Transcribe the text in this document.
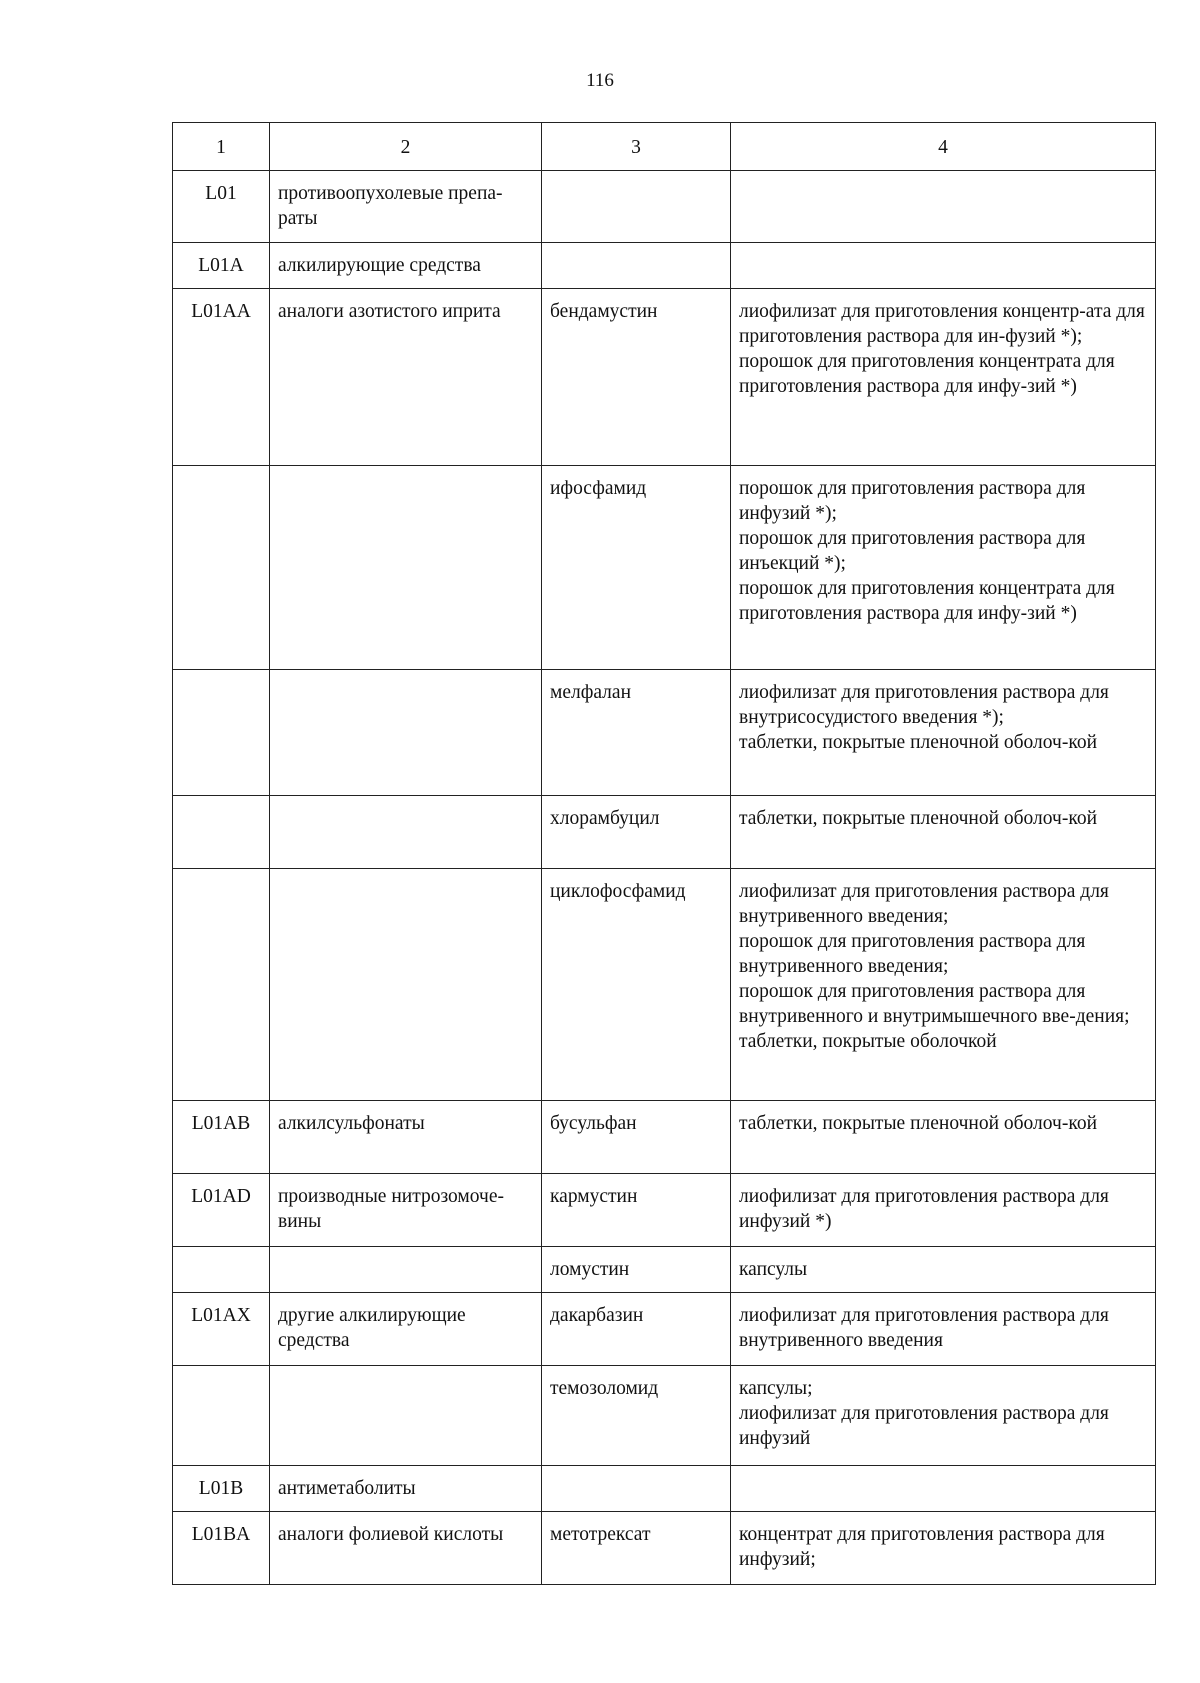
116
1	2	3	4
L01	противоопухолевые препа-раты		
L01A	алкилирующие средства		
L01AA	аналоги азотистого иприта	бендамустин	лиофилизат для приготовления концентр-ата для приготовления раствора для ин-фузий *);
порошок для приготовления концентрата для приготовления раствора для инфу-зий *)

		ифосфамид	порошок для приготовления раствора для инфузий *);
порошок для приготовления раствора для инъекций *);
порошок для приготовления концентрата для приготовления раствора для инфу-зий *)

		мелфалан	лиофилизат для приготовления раствора для внутрисосудистого введения *);
таблетки, покрытые пленочной оболоч-кой

		хлорамбуцил	таблетки, покрытые пленочной оболоч-кой

		циклофосфамид	лиофилизат для приготовления раствора для внутривенного введения;
порошок для приготовления раствора для внутривенного введения;
порошок для приготовления раствора для внутривенного и внутримышечного вве-дения;
таблетки, покрытые оболочкой

L01AB	алкилсульфонаты	бусульфан	таблетки, покрытые пленочной оболоч-кой

L01AD	производные нитрозомоче-вины	кармустин	лиофилизат для приготовления раствора для инфузий *)

		ломустин	капсулы

L01AX	другие алкилирующие средства	дакарбазин	лиофилизат для приготовления раствора для внутривенного введения

		темозоломид	капсулы;
лиофилизат для приготовления раствора для инфузий

L01B	антиметаболиты		
L01BA	аналоги фолиевой кислоты	метотрексат	концентрат для приготовления раствора для инфузий;
